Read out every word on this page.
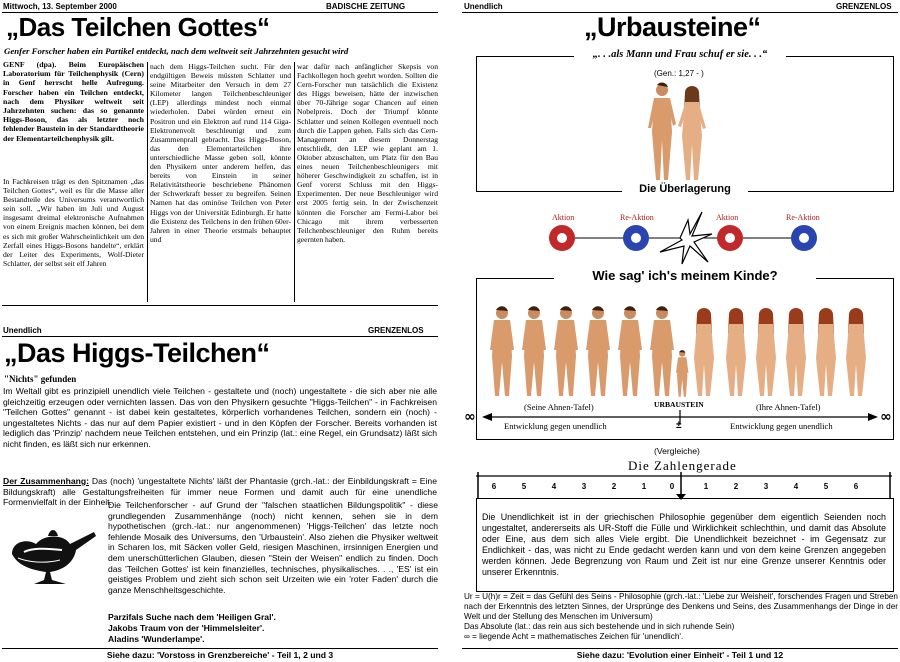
Mittwoch, 13. September 2000	BADISCHE ZEITUNG
„Das Teilchen Gottes“
Genfer Forscher haben ein Partikel entdeckt, nach dem weltweit seit Jahrzehnten gesucht wird
GENF (dpa). Beim Europäischen Laboratorium für Teilchenphysik (Cern) in Genf herrscht helle Aufregung. Forscher haben ein Teilchen entdeckt, nach dem Physiker weltweit seit Jahrzehnten suchen: das so genannte Higgs-Boson, das als letzter noch fehlender Baustein in der Standardtheorie der Elementarteilchenphysik gilt.
In Fachkreisen trägt es den Spitznamen „das Teilchen Gottes“, weil es für die Masse aller Bestandteile des Universums verantwortlich sein soll. „Wir haben im Juli und August insgesamt dreimal elektronische Aufnahmen von einem Ereignis machen können, bei dem es sich mit großer Wahrscheinlichkeit um den Zerfall eines Higgs-Bosons handelte“, erklärt der Leiter des Experiments, Wolf-Dieter Schlatter, der selbst seit elf Jahren
nach dem Higgs-Teilchen sucht. Für den endgültigen Beweis müssten Schlatter und seine Mitarbeiter den Versuch in dem 27 Kilometer langen Teilchenbeschleuniger (LEP) allerdings mindest noch einmal wiederholen. Dabei würden erneut ein Positron und ein Elektron auf rund 114 Giga-Elektronenvolt beschleunigt und zum Zusammenprall gebracht. Das Higgs-Boson, das den Elementarteilchen ihre unterschiedliche Masse geben soll, könnte den Physikern unter anderem helfen, das bereits von Einstein in seiner Relativitätstheorie beschriebene Phänomen der Schwerkraft besser zu begreifen. Seinen Namen hat das ominöse Teilchen von Peter Higgs von der Universität Edinburgh. Er hatte die Existenz des Teilchens in den frühen 60er-Jahren in einer Theorie erstmals behauptet und
war dafür nach anfänglicher Skepsis von Fachkollegen hoch geehrt worden. Sollten die Cern-Forscher nun tatsächlich die Existenz des Higgs beweisen, hätte der inzwischen über 70-Jährige sogar Chancen auf einen Nobelpreis. Doch der Triumpf könnte Schlatter und seinen Kollegen eventuell noch durch die Lappen gehen. Falls sich das Cern-Management an diesem Donnerstag entschließt, den LEP wie geplant am 1. Oktober abzuschalten, um Platz für den Bau eines neuen Teilchenbeschleunigers mit höherer Geschwindigkeit zu schaffen, ist in Genf vorerst Schluss mit den Higgs-Experimenten. Der neue Beschleuniger wird erst 2005 fertig sein. In der Zwischenzeit könnten die Forscher am Fermi-Labor bei Chicago mit ihrem verbesserten Teilchenbeschleuniger den Ruhm bereits geernten haben.
Unendlich	GRENZENLOS
„Das Higgs-Teilchen“
"Nichts" gefunden
Im Weltall gibt es prinzipiell unendlich viele Teilchen - gestaltete und (noch) ungestaltete - die sich aber nie alle gleichzeitig erzeugen oder vernichten lassen. Das von den Physikern gesuchte "Higgs-Teilchen" - in Fachkreisen "Teilchen Gottes" genannt - ist dabei kein gestaltetes, körperlich vorhandenes Teilchen, sondern ein (noch) - ungestaltetes Nichts - das nur auf dem Papier existiert - und in den Köpfen der Forscher. Bereits vorhanden ist lediglich das 'Prinzip' nachdem neue Teilchen entstehen, und ein Prinzip (lat.: eine Regel, ein Grundsatz) läßt sich nicht finden, es läßt sich nur erkennen.
Der Zusammenhang: Das (noch) 'ungestaltete Nichts' läßt der Phantasie (grch.-lat.: der Einbildungskraft = Eine Bildungskraft) alle Gestaltungsfreiheiten für immer neue Formen und damit auch für eine unendliche Formenvielfalt in der Einheit.
Die Teilchenforscher - auf Grund der "falschen staatlichen Bildungspolitik" - diese grundlegenden Zusammenhänge (noch) nicht kennen, sehen sie in dem hypothetischen (grch.-lat.: nur angenommenen) 'Higgs-Teilchen' das letzte noch fehlende Mosaik des Universums, den 'Urbaustein'. Also ziehen die Physiker weltweit in Scharen los, mit Säcken voller Geld, riesigen Maschinen, irrsinnigen Energien und dem unerschütterlichen Glauben, diesen "Stein der Weisen" endlich zu finden. Doch das 'Teilchen Gottes' ist kein finanzielles, technisches, physikalisches. . ., 'ES' ist ein geistiges Problem und zieht sich schon seit Urzeiten wie ein 'roter Faden' durch die ganze Menschheitsgeschichte.
Parzifals Suche nach dem 'Heiligen Gral'.
Jakobs Traum von der 'Himmelsleiter'.
Aladins 'Wunderlampe'.
Siehe dazu: 'Vorstoss in Grenzbereiche' - Teil 1, 2 und 3
Unendlich	GRENZENLOS
„Urbausteine“
„. . .als Mann und Frau schuf er sie. . .“
(Gen.: 1,27 - )
Die Überlagerung
Aktion	Re-Aktion	Aktion	Re-Aktion
Wie sag' ich's meinem Kinde?
(Seine Ahnen-Tafel)	URBAUSTEIN	(Ihre Ahnen-Tafel)
∞	∞
Entwicklung gegen unendlich	±	Entwicklung gegen unendlich
(Vergleiche)
Die Zahlengerade
6	5	4	3	2	1	0	1	2	3	4	5	6
Die Unendlichkeit ist in der griechischen Philosophie gegenüber dem eigentlich Seienden noch ungestaltet, andererseits als UR-Stoff die Fülle und Wirklichkeit schlechthin, und damit das Absolute oder Eine, aus dem sich alles Viele ergibt. Die Unendlichkeit bezeichnet - im Gegensatz zur Endlichkeit - das, was nicht zu Ende gedacht werden kann und von dem keine Grenzen angegeben werden können. Jede Begrenzung von Raum und Zeit ist nur eine Grenze unserer Kenntnis oder unserer Erkenntnis.
Ur = U(h)r = Zeit = das Gefühl des Seins - Philosophie (grch.-lat.: 'Liebe zur Weisheit', forschendes Fragen und Streben nach der Erkenntnis des letzten Sinnes, der Ursprünge des Denkens und Seins, des Zusammenhangs der Dinge in der Welt und der Stellung des Menschen im Universum)
Das Absolute (lat.: das rein aus sich bestehende und in sich ruhende Sein)
∞ = liegende Acht = mathematisches Zeichen für 'unendlich'.
Siehe dazu: 'Evolution einer Einheit' - Teil 1 und 12
